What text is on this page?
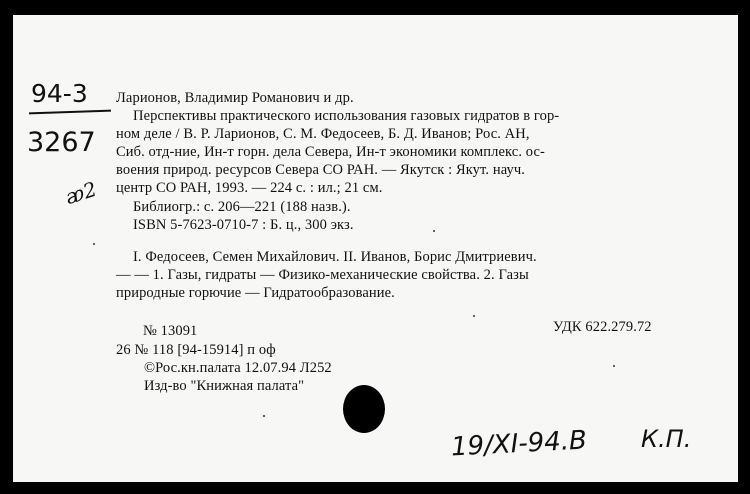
94-3
3267
ᴂ2
Ларионов, Владимир Романович и др.
Перспективы практического использования газовых гидратов в гор-
ном деле / В. Р. Ларионов, С. М. Федосеев, Б. Д. Иванов; Рос. АН,
Сиб. отд-ние, Ин-т горн. дела Севера, Ин-т экономики комплекс. ос-
воения природ. ресурсов Севера СО РАН. — Якутск : Якут. науч.
центр СО РАН, 1993. — 224 с. : ил.; 21 см.
Библиогр.: с. 206—221 (188 назв.).
ISBN 5-7623-0710-7 : Б. ц., 300 экз.
I. Федосеев, Семен Михайлович. II. Иванов, Борис Дмитриевич.
— — 1. Газы, гидраты — Физико-механические свойства. 2. Газы
природные горючие — Гидратообразование.
№ 13091	УДК 622.279.72
26 № 118 [94-15914] п оф
©Рос.кн.палата 12.07.94 Л252
Изд-во "Книжная палата"
19/XI-94.B К.П.
